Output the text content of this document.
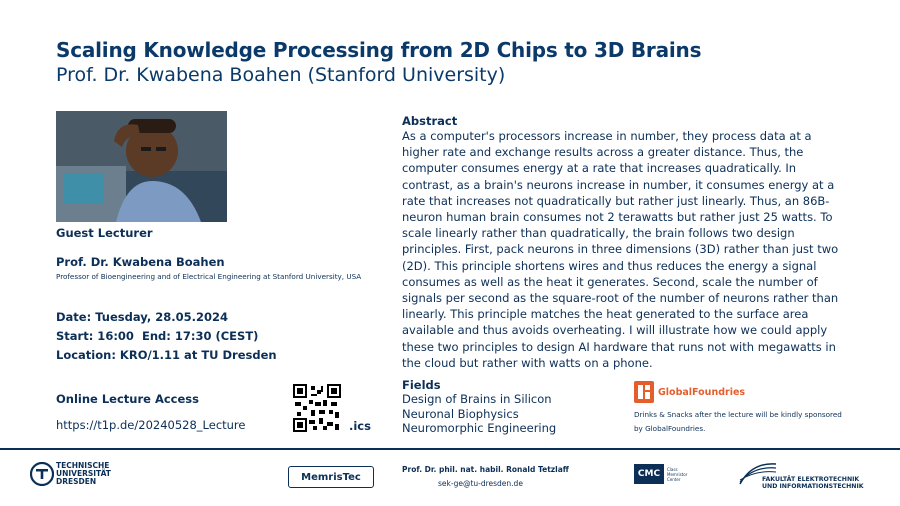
Scaling Knowledge Processing from 2D Chips to 3D Brains
Prof. Dr. Kwabena Boahen (Stanford University)
Guest Lecturer
Prof. Dr. Kwabena Boahen
Professor of Bioengineering and of Electrical Engineering at Stanford University, USA
Date: Tuesday, 28.05.2024
Start: 16:00 End: 17:30 (CEST)
Location: KRO/1.11 at TU Dresden
Online Lecture Access
https://t1p.de/20240528_Lecture	.ics
Abstract
As a computer's processors increase in number, they process data at a higher rate and exchange results across a greater distance. Thus, the computer consumes energy at a rate that increases quadratically. In contrast, as a brain's neurons increase in number, it consumes energy at a rate that increases not quadratically but rather just linearly. Thus, an 86B-neuron human brain consumes not 2 terawatts but rather just 25 watts. To scale linearly rather than quadratically, the brain follows two design principles. First, pack neurons in three dimensions (3D) rather than just two (2D). This principle shortens wires and thus reduces the energy a signal consumes as well as the heat it generates. Second, scale the number of signals per second as the square-root of the number of neurons rather than linearly. This principle matches the heat generated to the surface area available and thus avoids overheating. I will illustrate how we could apply these two principles to design AI hardware that runs not with megawatts in the cloud but rather with watts on a phone.
Fields
Design of Brains in Silicon
Neuronal Biophysics
Neuromorphic Engineering
GlobalFoundries
Drinks & Snacks after the lecture will be kindly sponsored by GlobalFoundries.
TECHNISCHE
UNIVERSITÄT
DRESDEN	MemrisTec
Prof. Dr. phil. nat. habil. Ronald Tetzlaff
sek-ge@tu-dresden.de
CMC	Class
Memristor
Center	FAKULTÄT ELEKTROTECHNIK
UND INFORMATIONSTECHNIK
